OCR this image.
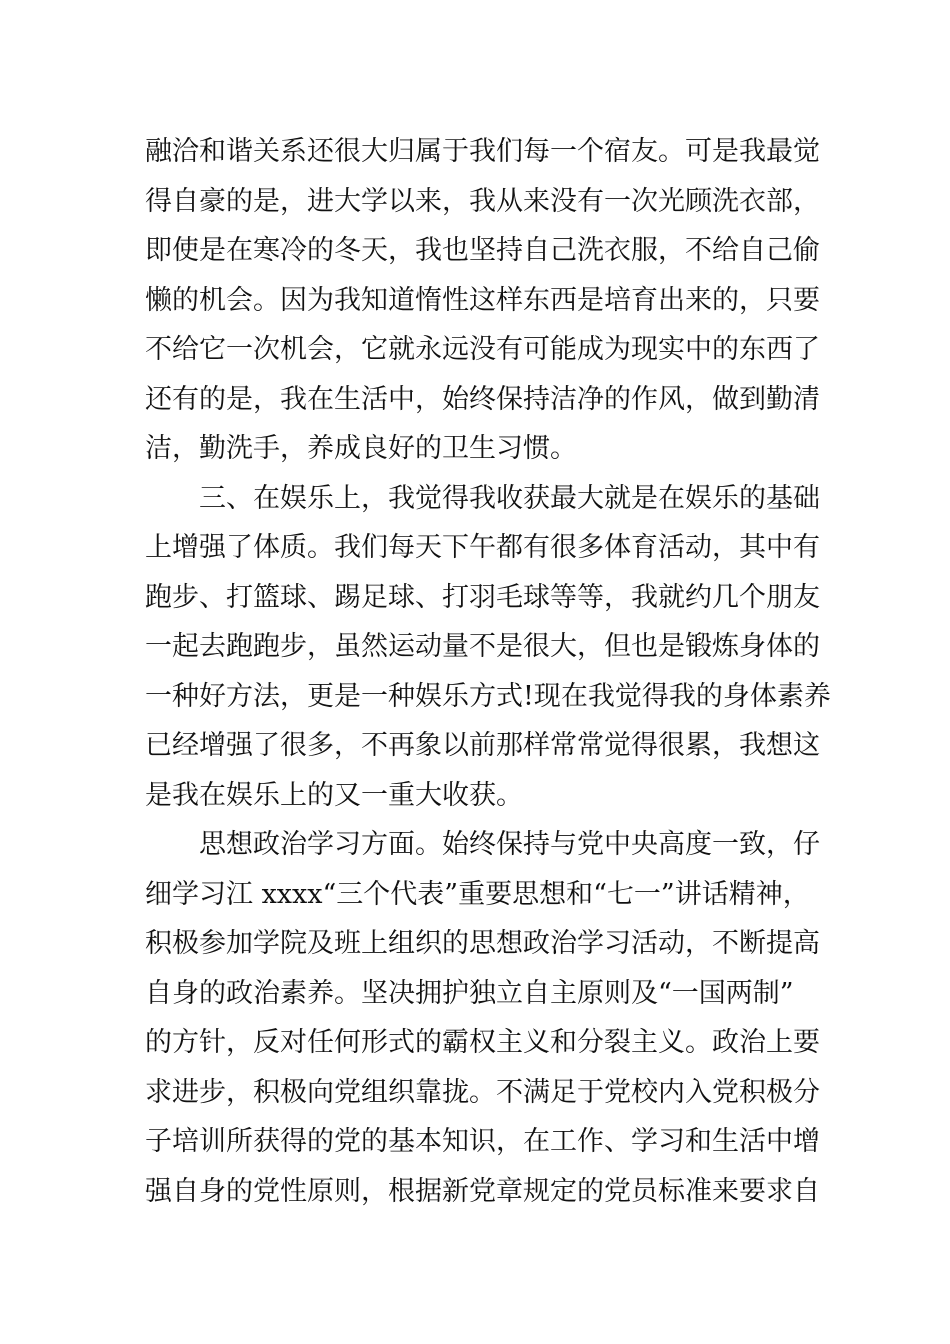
融洽和谐关系还很大归属于我们每一个宿友。可是我最觉
得自豪的是，进大学以来，我从来没有一次光顾洗衣部，
即使是在寒冷的冬天，我也坚持自己洗衣服，不给自己偷
懒的机会。因为我知道惰性这样东西是培育出来的，只要
不给它一次机会，它就永远没有可能成为现实中的东西了
还有的是，我在生活中，始终保持洁净的作风，做到勤清
洁，勤洗手，养成良好的卫生习惯。
三、在娱乐上，我觉得我收获最大就是在娱乐的基础
上增强了体质。我们每天下午都有很多体育活动，其中有
跑步、打篮球、踢足球、打羽毛球等等，我就约几个朋友
一起去跑跑步，虽然运动量不是很大，但也是锻炼身体的
一种好方法，更是一种娱乐方式!现在我觉得我的身体素养
已经增强了很多，不再象以前那样常常觉得很累，我想这
是我在娱乐上的又一重大收获。
思想政治学习方面。始终保持与党中央高度一致，仔
细学习江 xxxx“三个代表”重要思想和“七一”讲话精神，
积极参加学院及班上组织的思想政治学习活动，不断提高
自身的政治素养。坚决拥护独立自主原则及“一国两制”
的方针，反对任何形式的霸权主义和分裂主义。政治上要
求进步，积极向党组织靠拢。不满足于党校内入党积极分
子培训所获得的党的基本知识，在工作、学习和生活中增
强自身的党性原则，根据新党章规定的党员标准来要求自
